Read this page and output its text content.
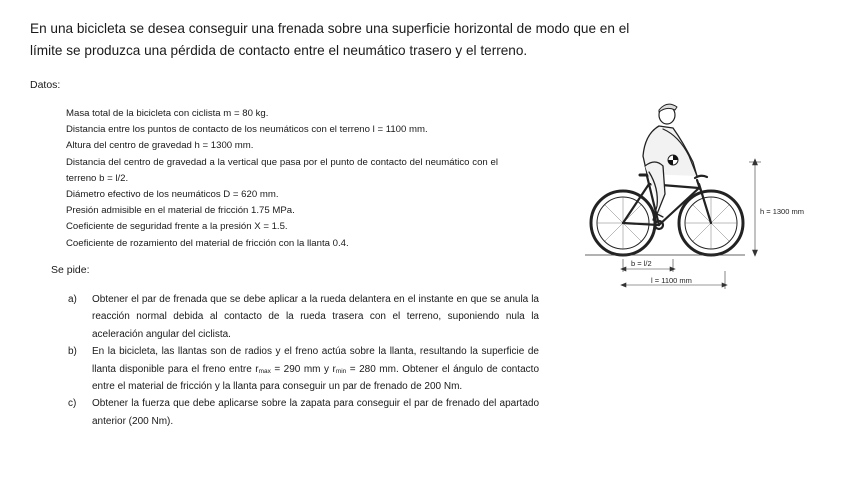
En una bicicleta se desea conseguir una frenada sobre una superficie horizontal de modo que en el límite se produzca una pérdida de contacto entre el neumático trasero y el terreno.

Datos:
Masa total de la bicicleta con ciclista m = 80 kg.
Distancia entre los puntos de contacto de los neumáticos con el terreno l = 1100 mm.
Altura del centro de gravedad h = 1300 mm.
Distancia del centro de gravedad a la vertical que pasa por el punto de contacto del neumático con el terreno b = l/2.
Diámetro efectivo de los neumáticos D = 620 mm.
Presión admisible en el material de fricción 1.75 MPa.
Coeficiente de seguridad frente a la presión X = 1.5.
Coeficiente de rozamiento del material de fricción con la llanta 0.4.
Se pide:
a)	Obtener el par de frenada que se debe aplicar a la rueda delantera en el instante en que se anula la reacción normal debida al contacto de la rueda trasera con el terreno, suponiendo nula la aceleración angular del ciclista.
b)	En la bicicleta, las llantas son de radios y el freno actúa sobre la llanta, resultando la superficie de llanta disponible para el freno entre $r_{max} = 290$ mm y $r_{min} = 280$ mm. Obtener el ángulo de contacto entre el material de fricción y la llanta para conseguir un par de frenado de 200 Nm.
c)	Obtener la fuerza que debe aplicarse sobre la zapata para conseguir el par de frenado del apartado anterior (200 Nm).
h = 1300 mm
b = l/2
l = 1100 mm
